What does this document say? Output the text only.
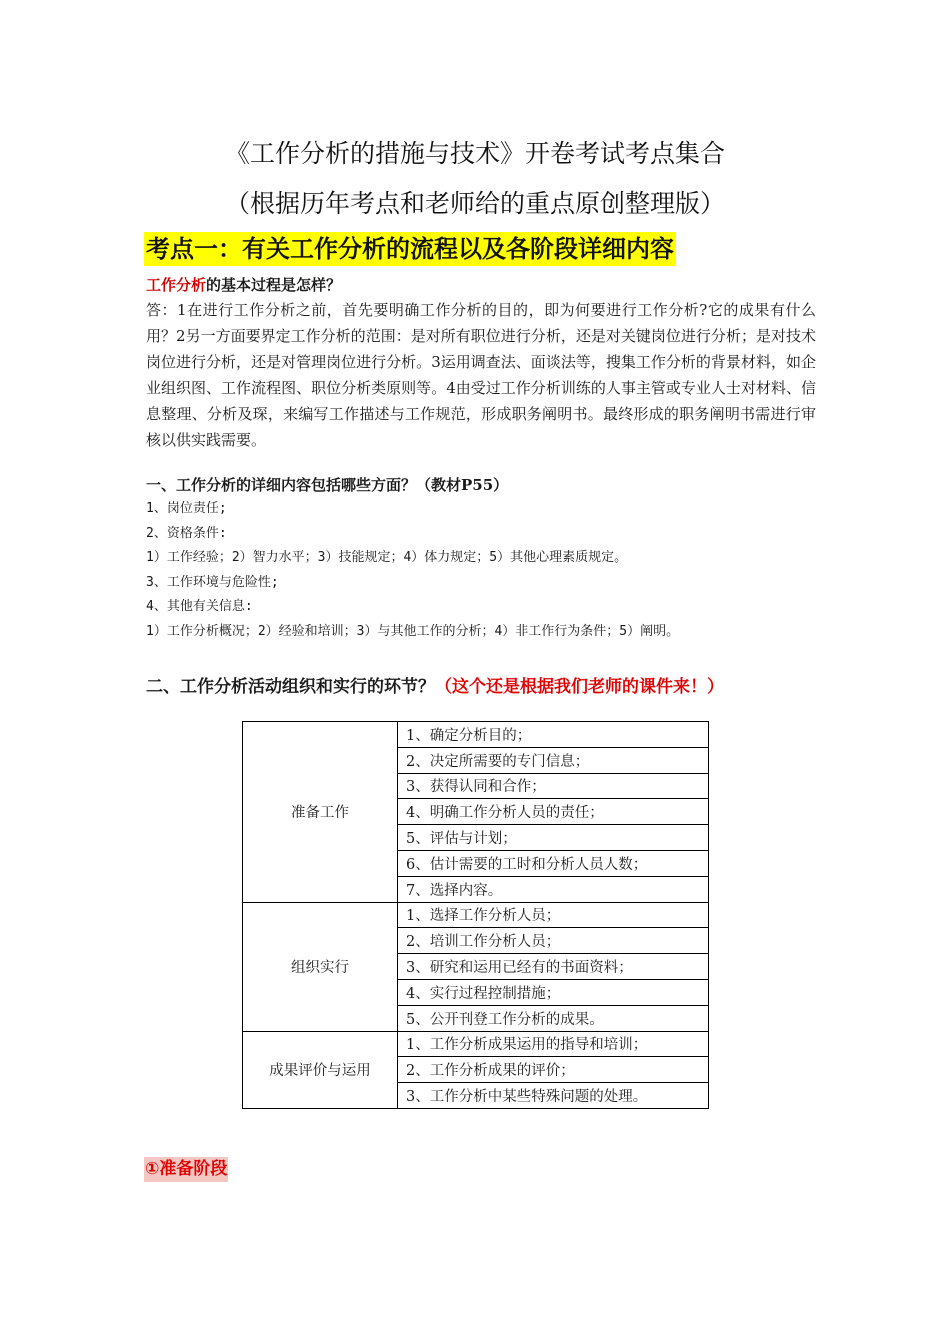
《工作分析的措施与技术》开卷考试考点集合
（根据历年考点和老师给的重点原创整理版）
考点一：有关工作分析的流程以及各阶段详细内容
工作分析的基本过程是怎样？
答：1在进行工作分析之前，首先要明确工作分析的目的，即为何要进行工作分析?它的成果有什么用？2另一方面要界定工作分析的范围：是对所有职位进行分析，还是对关键岗位进行分析；是对技术岗位进行分析，还是对管理岗位进行分析。3运用调查法、面谈法等，搜集工作分析的背景材料，如企业组织图、工作流程图、职位分析类原则等。4由受过工作分析训练的人事主管或专业人士对材料、信息整理、分析及琛，来编写工作描述与工作规范，形成职务阐明书。最终形成的职务阐明书需进行审核以供实践需要。
一、工作分析的详细内容包括哪些方面？（教材P55）
1、岗位责任;
2、资格条件:
1）工作经验；2）智力水平；3）技能规定；4）体力规定；5）其他心理素质规定。
3、工作环境与危险性;
4、其他有关信息:
1）工作分析概况；2）经验和培训；3）与其他工作的分析；4）非工作行为条件；5）阐明。
二、工作分析活动组织和实行的环节？（这个还是根据我们老师的课件来！）
准备工作	1、确定分析目的；
	2、决定所需要的专门信息；
	3、获得认同和合作；
	4、明确工作分析人员的责任；
	5、评估与计划；
	6、估计需要的工时和分析人员人数；
	7、选择内容。
组织实行	1、选择工作分析人员；
	2、培训工作分析人员；
	3、研究和运用已经有的书面资料；
	4、实行过程控制措施；
	5、公开刊登工作分析的成果。
成果评价与运用	1、工作分析成果运用的指导和培训；
	2、工作分析成果的评价；
	3、工作分析中某些特殊问题的处理。
①准备阶段
